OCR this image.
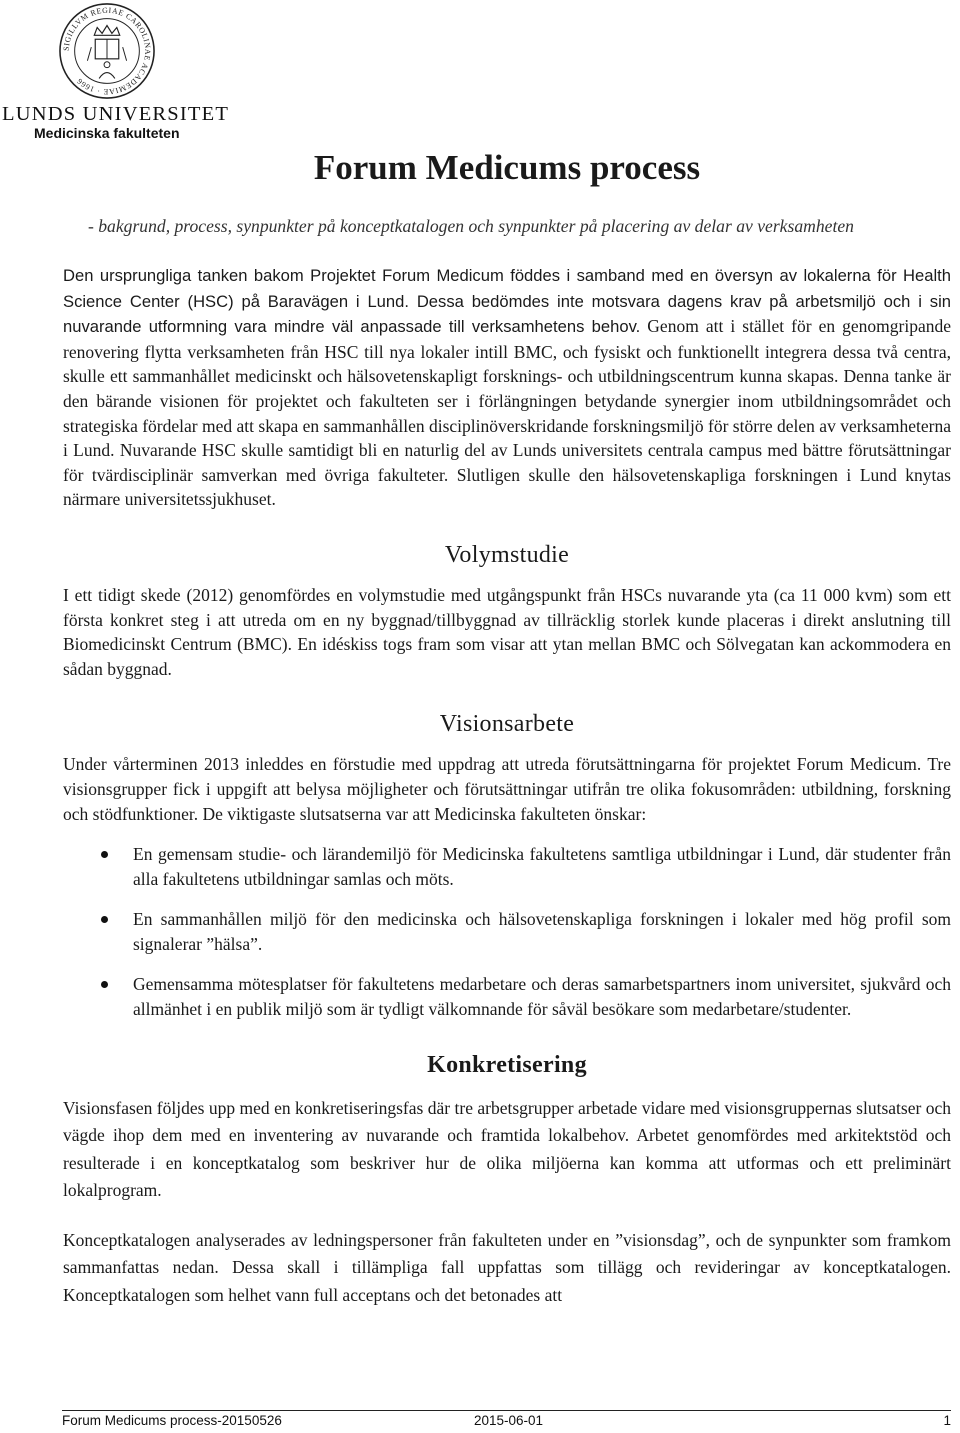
SIGILLVM REGIAE CAROLINAE ACADEMIAE · 1666
LUNDS UNIVERSITET
Medicinska fakulteten
Forum Medicums process

- bakgrund, process, synpunkter på konceptkatalogen och synpunkter på placering av delar av verksamheten

Den ursprungliga tanken bakom Projektet Forum Medicum föddes i samband med en översyn av lokalerna för Health Science Center (HSC) på Baravägen i Lund. Dessa bedömdes inte motsvara dagens krav på arbetsmiljö och i sin nuvarande utformning vara mindre väl anpassade till verksamhetens behov. Genom att i stället för en genomgripande renovering flytta verksamheten från HSC till nya lokaler intill BMC, och fysiskt och funktionellt integrera dessa två centra, skulle ett sammanhållet medicinskt och hälsovetenskapligt forsknings- och utbildningscentrum kunna skapas. Denna tanke är den bärande visionen för projektet och fakulteten ser i förlängningen betydande synergier inom utbildningsområdet och strategiska fördelar med att skapa en sammanhållen disciplinöverskridande forskningsmiljö för större delen av verksamheterna i Lund. Nuvarande HSC skulle samtidigt bli en naturlig del av Lunds universitets centrala campus med bättre förutsättningar för tvärdisciplinär samverkan med övriga fakulteter. Slutligen skulle den hälsovetenskapliga forskningen i Lund knytas närmare universitetssjukhuset.

Volymstudie

I ett tidigt skede (2012) genomfördes en volymstudie med utgångspunkt från HSCs nuvarande yta (ca 11 000 kvm) som ett första konkret steg i att utreda om en ny byggnad/tillbyggnad av tillräcklig storlek kunde placeras i direkt anslutning till Biomedicinskt Centrum (BMC). En idéskiss togs fram som visar att ytan mellan BMC och Sölvegatan kan ackommodera en sådan byggnad.

Visionsarbete

Under vårterminen 2013 inleddes en förstudie med uppdrag att utreda förutsättningarna för projektet Forum Medicum. Tre visionsgrupper fick i uppgift att belysa möjligheter och förutsättningar utifrån tre olika fokusområden: utbildning, forskning och stödfunktioner. De viktigaste slutsatserna var att Medicinska fakulteten önskar:

En gemensam studie- och lärandemiljö för Medicinska fakultetens samtliga utbildningar i Lund, där studenter från alla fakultetens utbildningar samlas och möts.

En sammanhållen miljö för den medicinska och hälsovetenskapliga forskningen i lokaler med hög profil som signalerar ”hälsa”.

Gemensamma mötesplatser för fakultetens medarbetare och deras samarbetspartners inom universitet, sjukvård och allmänhet i en publik miljö som är tydligt välkomnande för såväl besökare som medarbetare/studenter.

Konkretisering

Visionsfasen följdes upp med en konkretiseringsfas där tre arbetsgrupper arbetade vidare med visionsgruppernas slutsatser och vägde ihop dem med en inventering av nuvarande och framtida lokalbehov. Arbetet genomfördes med arkitektstöd och resulterade i en konceptkatalog som beskriver hur de olika miljöerna kan komma att utformas och ett preliminärt lokalprogram.

Konceptkatalogen analyserades av ledningspersoner från fakulteten under en ”visionsdag”, och de synpunkter som framkom sammanfattas nedan. Dessa skall i tillämpliga fall uppfattas som tillägg och revideringar av konceptkatalogen. Konceptkatalogen som helhet vann full acceptans och det betonades att

Forum Medicums process-20150526	2015-06-01	1
